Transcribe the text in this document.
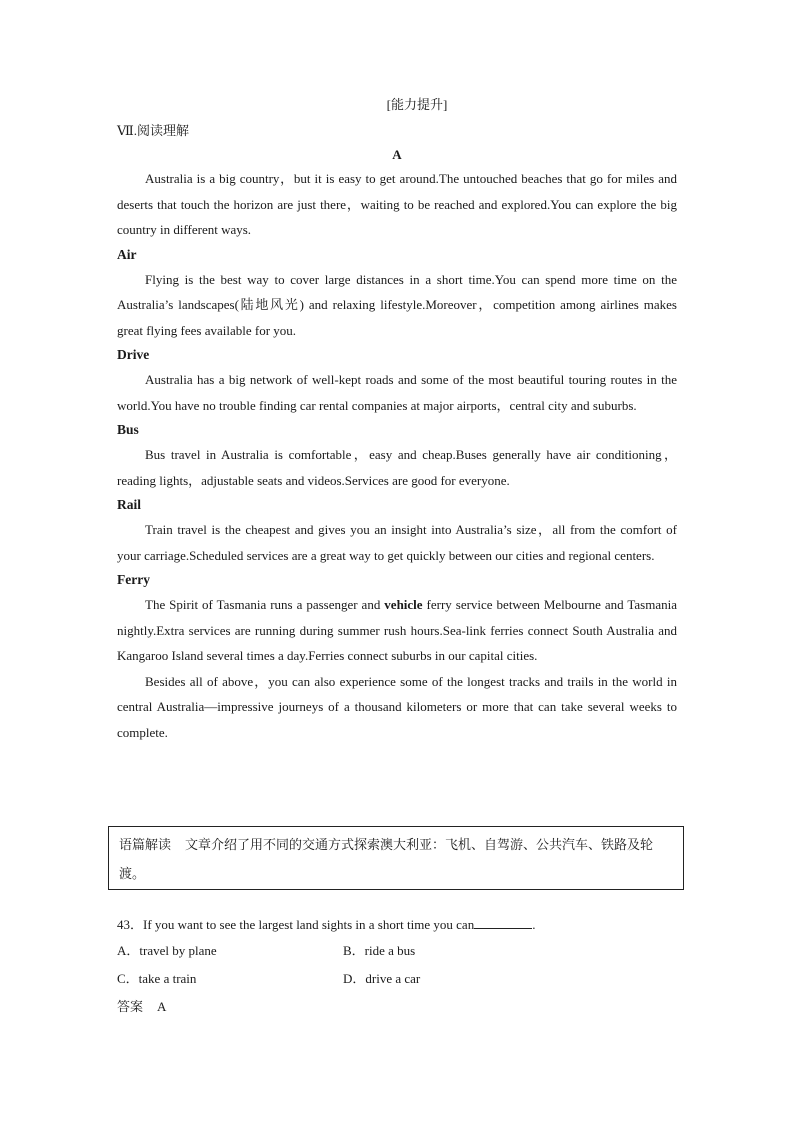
[能力提升]
Ⅶ.阅读理解
A

Australia is a big country，but it is easy to get around.The untouched beaches that go for miles and deserts that touch the horizon are just there，waiting to be reached and explored.You can explore the big country in different ways.

Air

Flying is the best way to cover large distances in a short time.You can spend more time on the Australia’s landscapes(陆地风光) and relaxing lifestyle.Moreover，competition among airlines makes great flying fees available for you.

Drive

Australia has a big network of well-kept roads and some of the most beautiful touring routes in the world.You have no trouble finding car rental companies at major airports，central city and suburbs.

Bus

Bus travel in Australia is comfortable，easy and cheap.Buses generally have air conditioning，reading lights，adjustable seats and videos.Services are good for everyone.

Rail

Train travel is the cheapest and gives you an insight into Australia’s size，all from the comfort of your carriage.Scheduled services are a great way to get quickly between our cities and regional centers.

Ferry

The Spirit of Tasmania runs a passenger and vehicle ferry service between Melbourne and Tasmania nightly.Extra services are running during summer rush hours.Sea-link ferries connect South Australia and Kangaroo Island several times a day.Ferries connect suburbs in our capital cities.

Besides all of above，you can also experience some of the longest tracks and trails in the world in central Australia—impressive journeys of a thousand kilometers or more that can take several weeks to complete.

语篇解读 文章介绍了用不同的交通方式探索澳大利亚：飞机、自驾游、公共汽车、铁路及轮渡。
43．If you want to see the largest land sights in a short time you can	.
A．travel by plane	B．ride a bus
C．take a train	D．drive a car
答案 A
